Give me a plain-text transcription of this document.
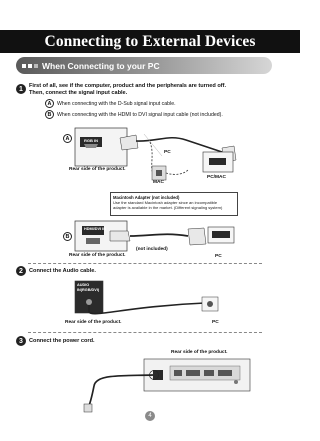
Connecting to External Devices
When Connecting to your PC
1	First of all, see if the computer, product and the peripherals are turned off.
Then, connect the signal input cable.
A	When connecting with the D-Sub signal input cable.
B	When connecting with the HDMI to DVI signal input cable (not included).
A
Rear side of the product.
RGB IN
PC
MAC
PC/MAC
Macintosh Adapter (not included)
Use the standard Macintosh adapter since an incompatible
adapter is available in the market. (Different signaling system)
B
HDMI/DVI IN
Rear side of the product.
(not included)
PC
2	Connect the Audio cable.
AUDIO IN(RGB/DVI)
Rear side of the product.	PC
3	Connect the power cord.
Rear side of the product.
4
